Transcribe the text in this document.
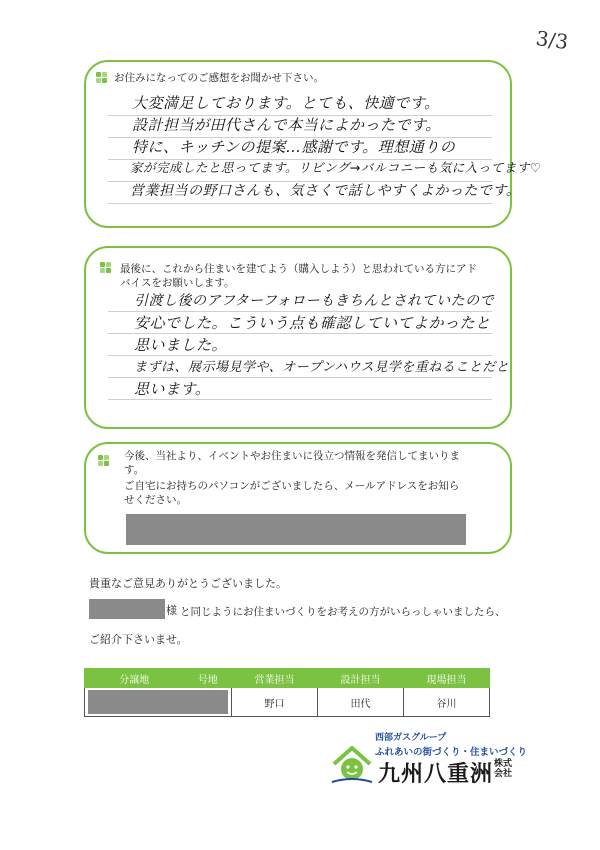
3/3
お住みになってのご感想をお聞かせ下さい。
大変満足しております。とても、快適です。
設計担当が田代さんで本当によかったです。
特に、キッチンの提案…感謝です。理想通りの
家が完成したと思ってます。リビング→バルコニーも気に入ってます♡
営業担当の野口さんも、気さくで話しやすくよかったです。
最後に、これから住まいを建てよう（購入しよう）と思われている方にアド
バイスをお願いします。
引渡し後のアフターフォローもきちんとされていたので
安心でした。こういう点も確認していてよかったと
思いました。
まずは、展示場見学や、オープンハウス見学を重ねることだと
思います。
今後、当社より、イベントやお住まいに役立つ情報を発信してまいりま
す。
ご自宅にお持ちのパソコンがございましたら、メールアドレスをお知ら
せください。
貴重なご意見ありがとうございました。
様 と同じようにお住まいづくりをお考えの方がいらっしゃいましたら、
ご紹介下さいませ。
分譲地	号地	営業担当	設計担当	現場担当

		野口	田代	谷川
西部ガスグループ
ふれあいの街づくり・住まいづくり
九州八重洲 株式会社
